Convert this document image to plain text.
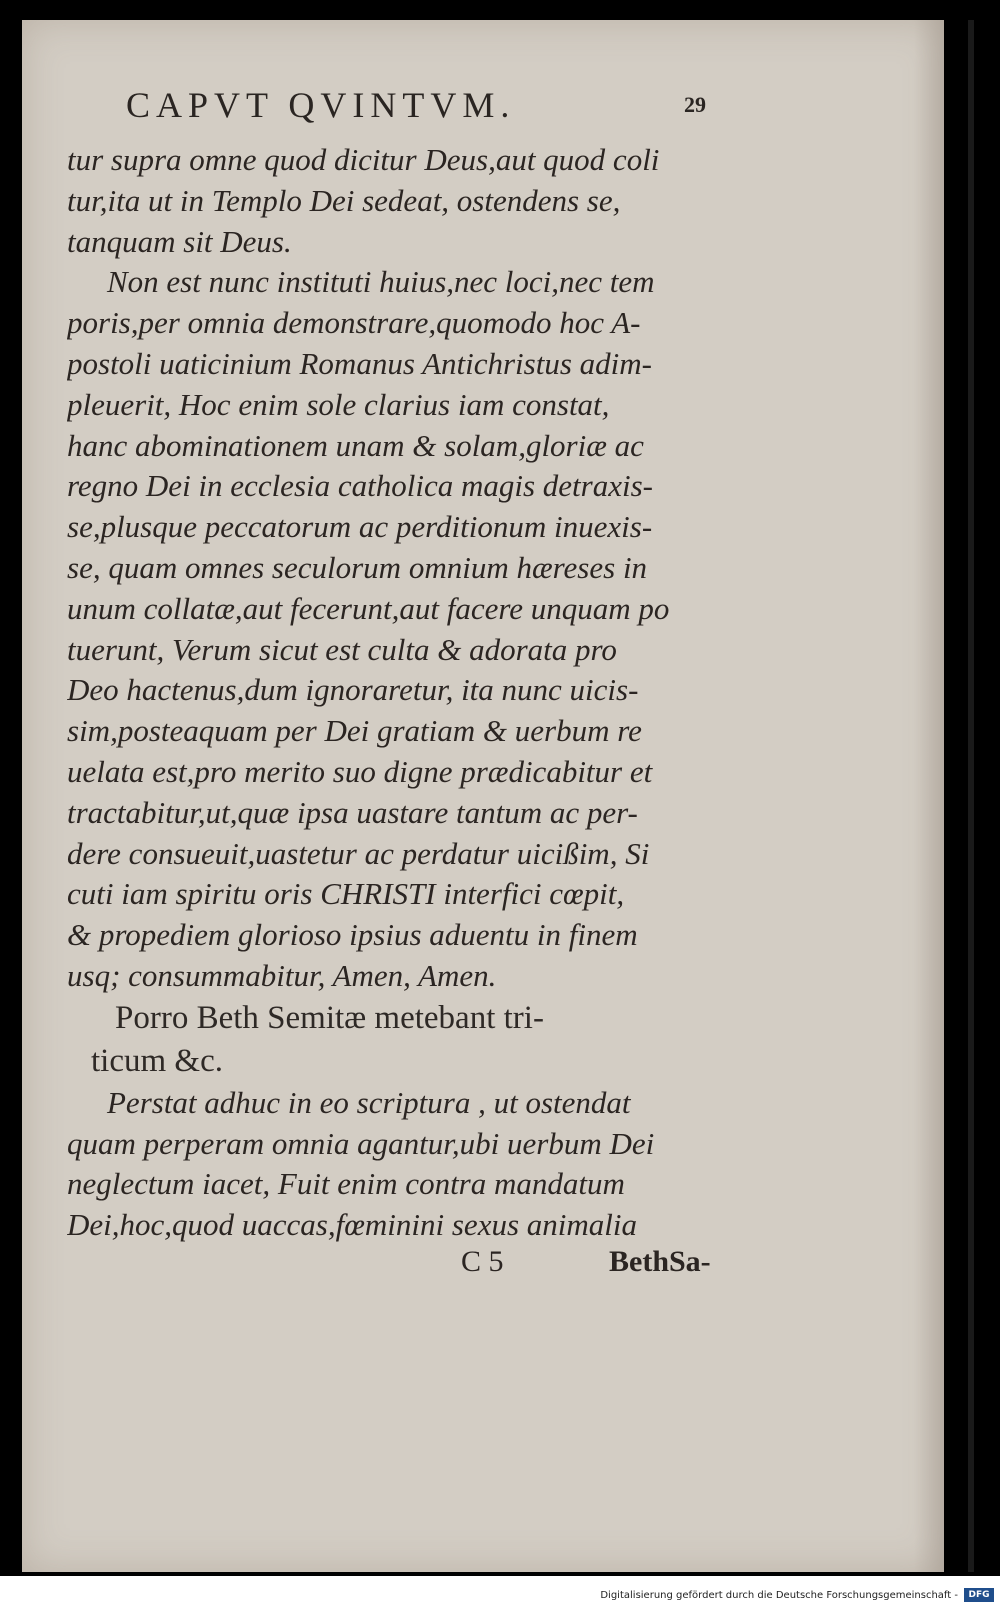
CAPVT QVINTVM.	29
tur supra omne quod dicitur Deus,aut quod coli
tur,ita ut in Templo Dei sedeat, ostendens se,
tanquam sit Deus.
Non est nunc instituti huius,nec loci,nec tem
poris,per omnia demonstrare,quomodo hoc A-
postoli uaticinium Romanus Antichristus adim-
pleuerit, Hoc enim sole clarius iam constat,
hanc abominationem unam & solam,gloriæ ac
regno Dei in ecclesia catholica magis detraxis-
se,plusque peccatorum ac perditionum inuexis-
se, quam omnes seculorum omnium hæreses in
unum collatæ,aut fecerunt,aut facere unquam po
tuerunt, Verum sicut est culta & adorata pro
Deo hactenus,dum ignoraretur, ita nunc uicis-
sim,posteaquam per Dei gratiam & uerbum re
uelata est,pro merito suo digne prædicabitur et
tractabitur,ut,quæ ipsa uastare tantum ac per-
dere consueuit,uastetur ac perdatur uicißim, Si
cuti iam spiritu oris CHRISTI interfici cœpit,
& propediem glorioso ipsius aduentu in finem
usq; consummabitur, Amen, Amen.
Porro Beth Semitæ metebant tri-
ticum &c.
Perstat adhuc in eo scriptura , ut ostendat
quam perperam omnia agantur,ubi uerbum Dei
neglectum iacet, Fuit enim contra mandatum
Dei,hoc,quod uaccas,fœminini sexus animalia
C 5	BethSa-
Digitalisierung gefördert durch die Deutsche Forschungsgemeinschaft -	DFG
